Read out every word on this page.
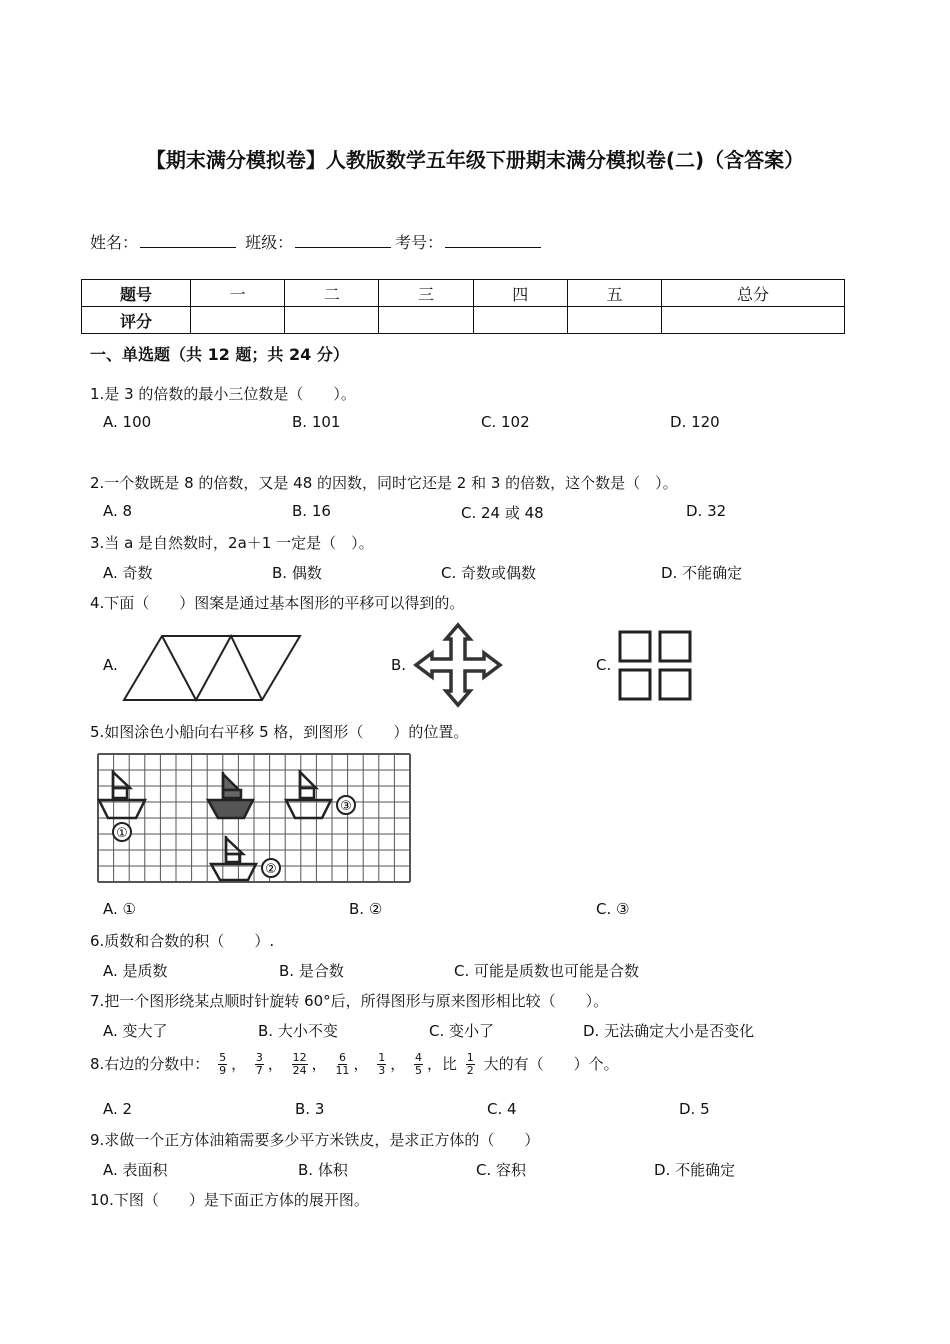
【期末满分模拟卷】人教版数学五年级下册期末满分模拟卷(二)（含答案）
姓名：	班级：	考号：
题号	一	二	三	四	五	总分
评分						
一、单选题（共 12 题；共 24 分）
1.是 3 的倍数的最小三位数是（　　）。
A. 100	B. 101	C. 102	D. 120
2.一个数既是 8 的倍数，又是 48 的因数，同时它还是 2 和 3 的倍数，这个数是（　）。
A. 8	B. 16	C. 24 或 48	D. 32
3.当 a 是自然数时，2a＋1 一定是（　）。
A. 奇数	B. 偶数	C. 奇数或偶数	D. 不能确定
4.下面（　　）图案是通过基本图形的平移可以得到的。
A.	B.	C.
5.如图涂色小船向右平移 5 格，到图形（　　）的位置。
①
③
②
A. ①	B. ②	C. ③
6.质数和合数的积（　　）.
A. 是质数	B. 是合数	C. 可能是质数也可能是合数
7.把一个图形绕某点顺时针旋转 60°后，所得图形与原来图形相比较（　　）。
A. 变大了	B. 大小不变	C. 变小了	D. 无法确定大小是否变化
8.右边的分数中： $\frac{5}{9}$ ， $\frac{3}{7}$ ， $\frac{12}{24}$ ， $\frac{6}{11}$ ， $\frac{1}{3}$ ， $\frac{4}{5}$ ，比 $\frac{1}{2}$ 大的有（　　）个。
A. 2	B. 3	C. 4	D. 5
9.求做一个正方体油箱需要多少平方米铁皮，是求正方体的（　　）
A. 表面积	B. 体积	C. 容积	D. 不能确定
10.下图（　　）是下面正方体的展开图。
